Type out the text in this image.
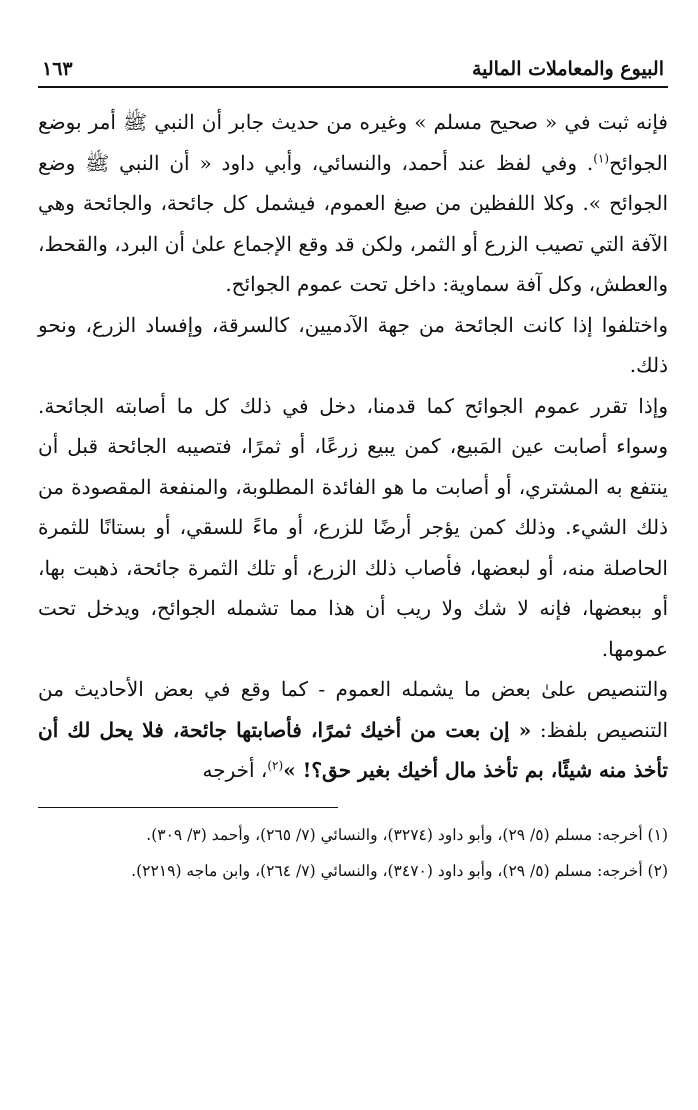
البيوع والمعاملات المالية
١٦٣

فإنه ثبت في « صحيح مسلم » وغيره من حديث جابر أن النبي ﷺ أمر بوضع الجوائح$^{(١)}$. وفي لفظ عند أحمد، والنسائي، وأبي داود « أن النبي ﷺ وضع الجوائح ». وكلا اللفظين من صيغ العموم، فيشمل كل جائحة، والجائحة وهي الآفة التي تصيب الزرع أو الثمر، ولكن قد وقع الإجماع علىٰ أن البرد، والقحط، والعطش، وكل آفة سماوية: داخل تحت عموم الجوائح.

واختلفوا إذا كانت الجائحة من جهة الآدميين، كالسرقة، وإفساد الزرع، ونحو ذلك.

وإذا تقرر عموم الجوائح كما قدمنا، دخل في ذلك كل ما أصابته الجائحة. وسواء أصابت عين المَبيع، كمن يبيع زرعًا، أو ثمرًا، فتصيبه الجائحة قبل أن ينتفع به المشتري، أو أصابت ما هو الفائدة المطلوبة، والمنفعة المقصودة من ذلك الشيء. وذلك كمن يؤجر أرضًا للزرع، أو ماءً للسقي، أو بستانًا للثمرة الحاصلة منه، أو لبعضها، فأصاب ذلك الزرع، أو تلك الثمرة جائحة، ذهبت بها، أو ببعضها، فإنه لا شك ولا ريب أن هذا مما تشمله الجوائح، ويدخل تحت عمومها.

والتنصيص علىٰ بعض ما يشمله العموم - كما وقع في بعض الأحاديث من التنصيص بلفظ: « إن بعت من أخيك ثمرًا، فأصابتها جائحة، فلا يحل لك أن تأخذ منه شيئًا، بم تأخذ مال أخيك بغير حق؟! »$^{(٢)}$، أخرجه

(١) أخرجه: مسلم (٥/ ٢٩)، وأبو داود (٣٢٧٤)، والنسائي (٧/ ٢٦٥)، وأحمد (٣/ ٣٠٩).

(٢) أخرجه: مسلم (٥/ ٢٩)، وأبو داود (٣٤٧٠)، والنسائي (٧/ ٢٦٤)، وابن ماجه (٢٢١٩).
